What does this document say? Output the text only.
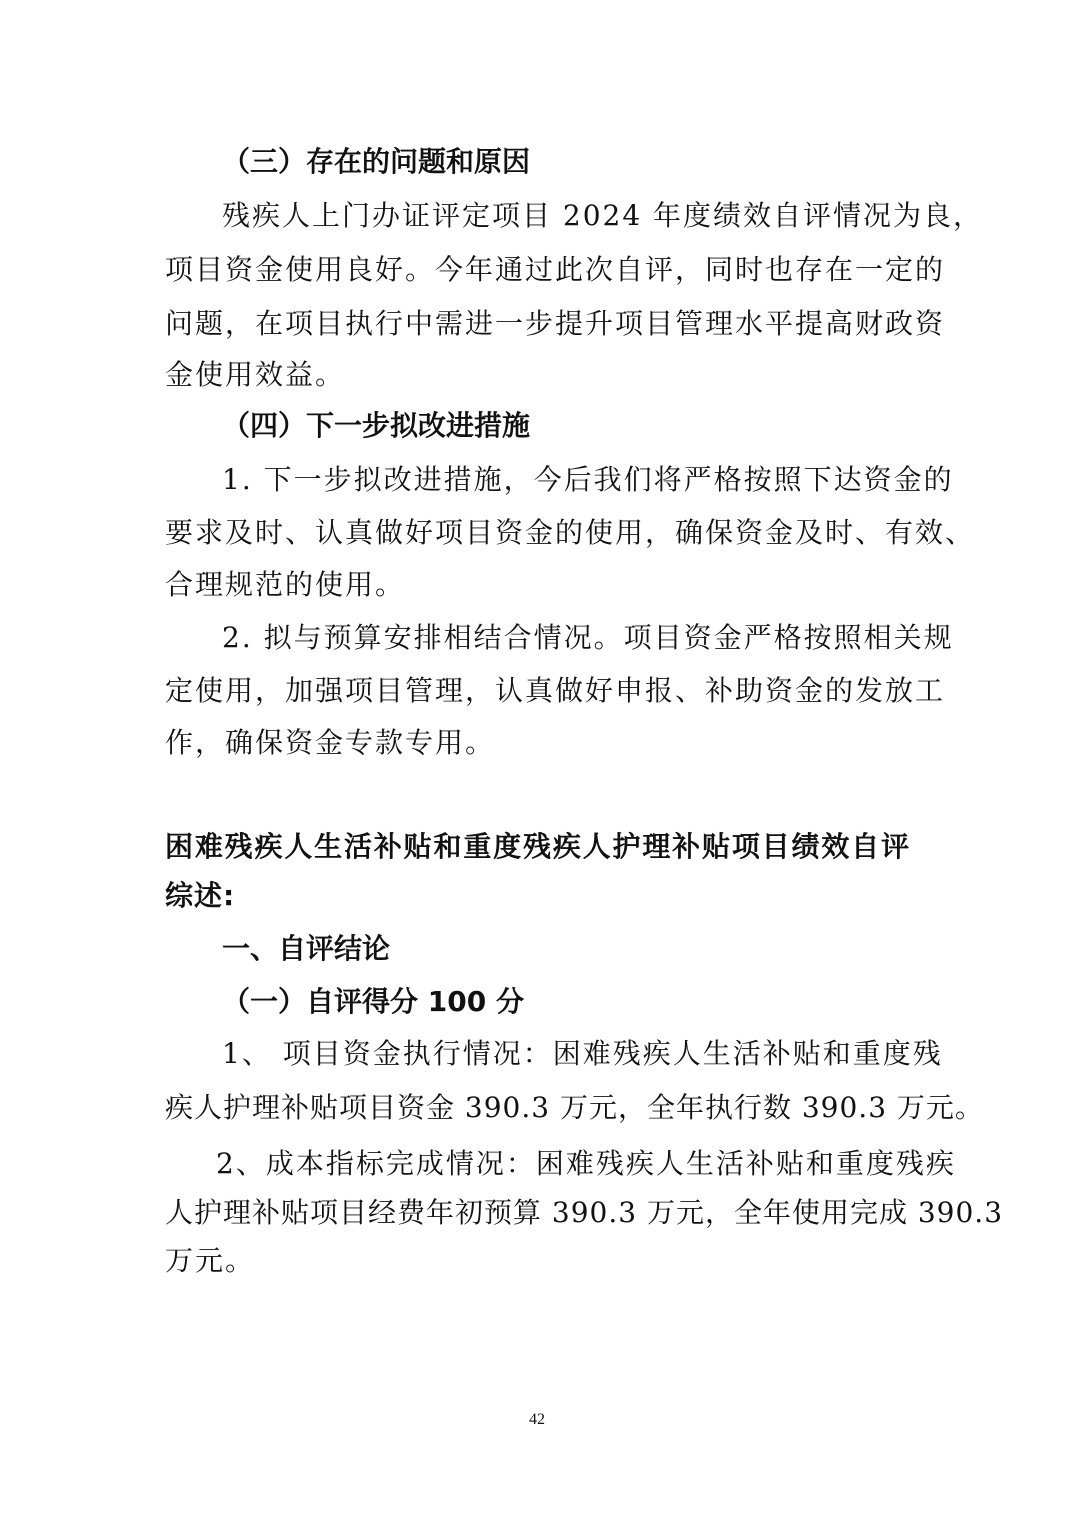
（三）存在的问题和原因

残疾人上门办证评定项目 2024 年度绩效自评情况为良，

项目资金使用良好。今年通过此次自评，同时也存在一定的

问题，在项目执行中需进一步提升项目管理水平提高财政资

金使用效益。

（四）下一步拟改进措施

1. 下一步拟改进措施，今后我们将严格按照下达资金的

要求及时、认真做好项目资金的使用，确保资金及时、有效、

合理规范的使用。

2. 拟与预算安排相结合情况。项目资金严格按照相关规

定使用，加强项目管理，认真做好申报、补助资金的发放工

作，确保资金专款专用。

困难残疾人生活补贴和重度残疾人护理补贴项目绩效自评

综述:

一、自评结论

（一）自评得分 100 分

1、 项目资金执行情况：困难残疾人生活补贴和重度残

疾人护理补贴项目资金 390.3 万元，全年执行数 390.3 万元。

2、成本指标完成情况：困难残疾人生活补贴和重度残疾

人护理补贴项目经费年初预算 390.3 万元，全年使用完成 390.3

万元。

42
